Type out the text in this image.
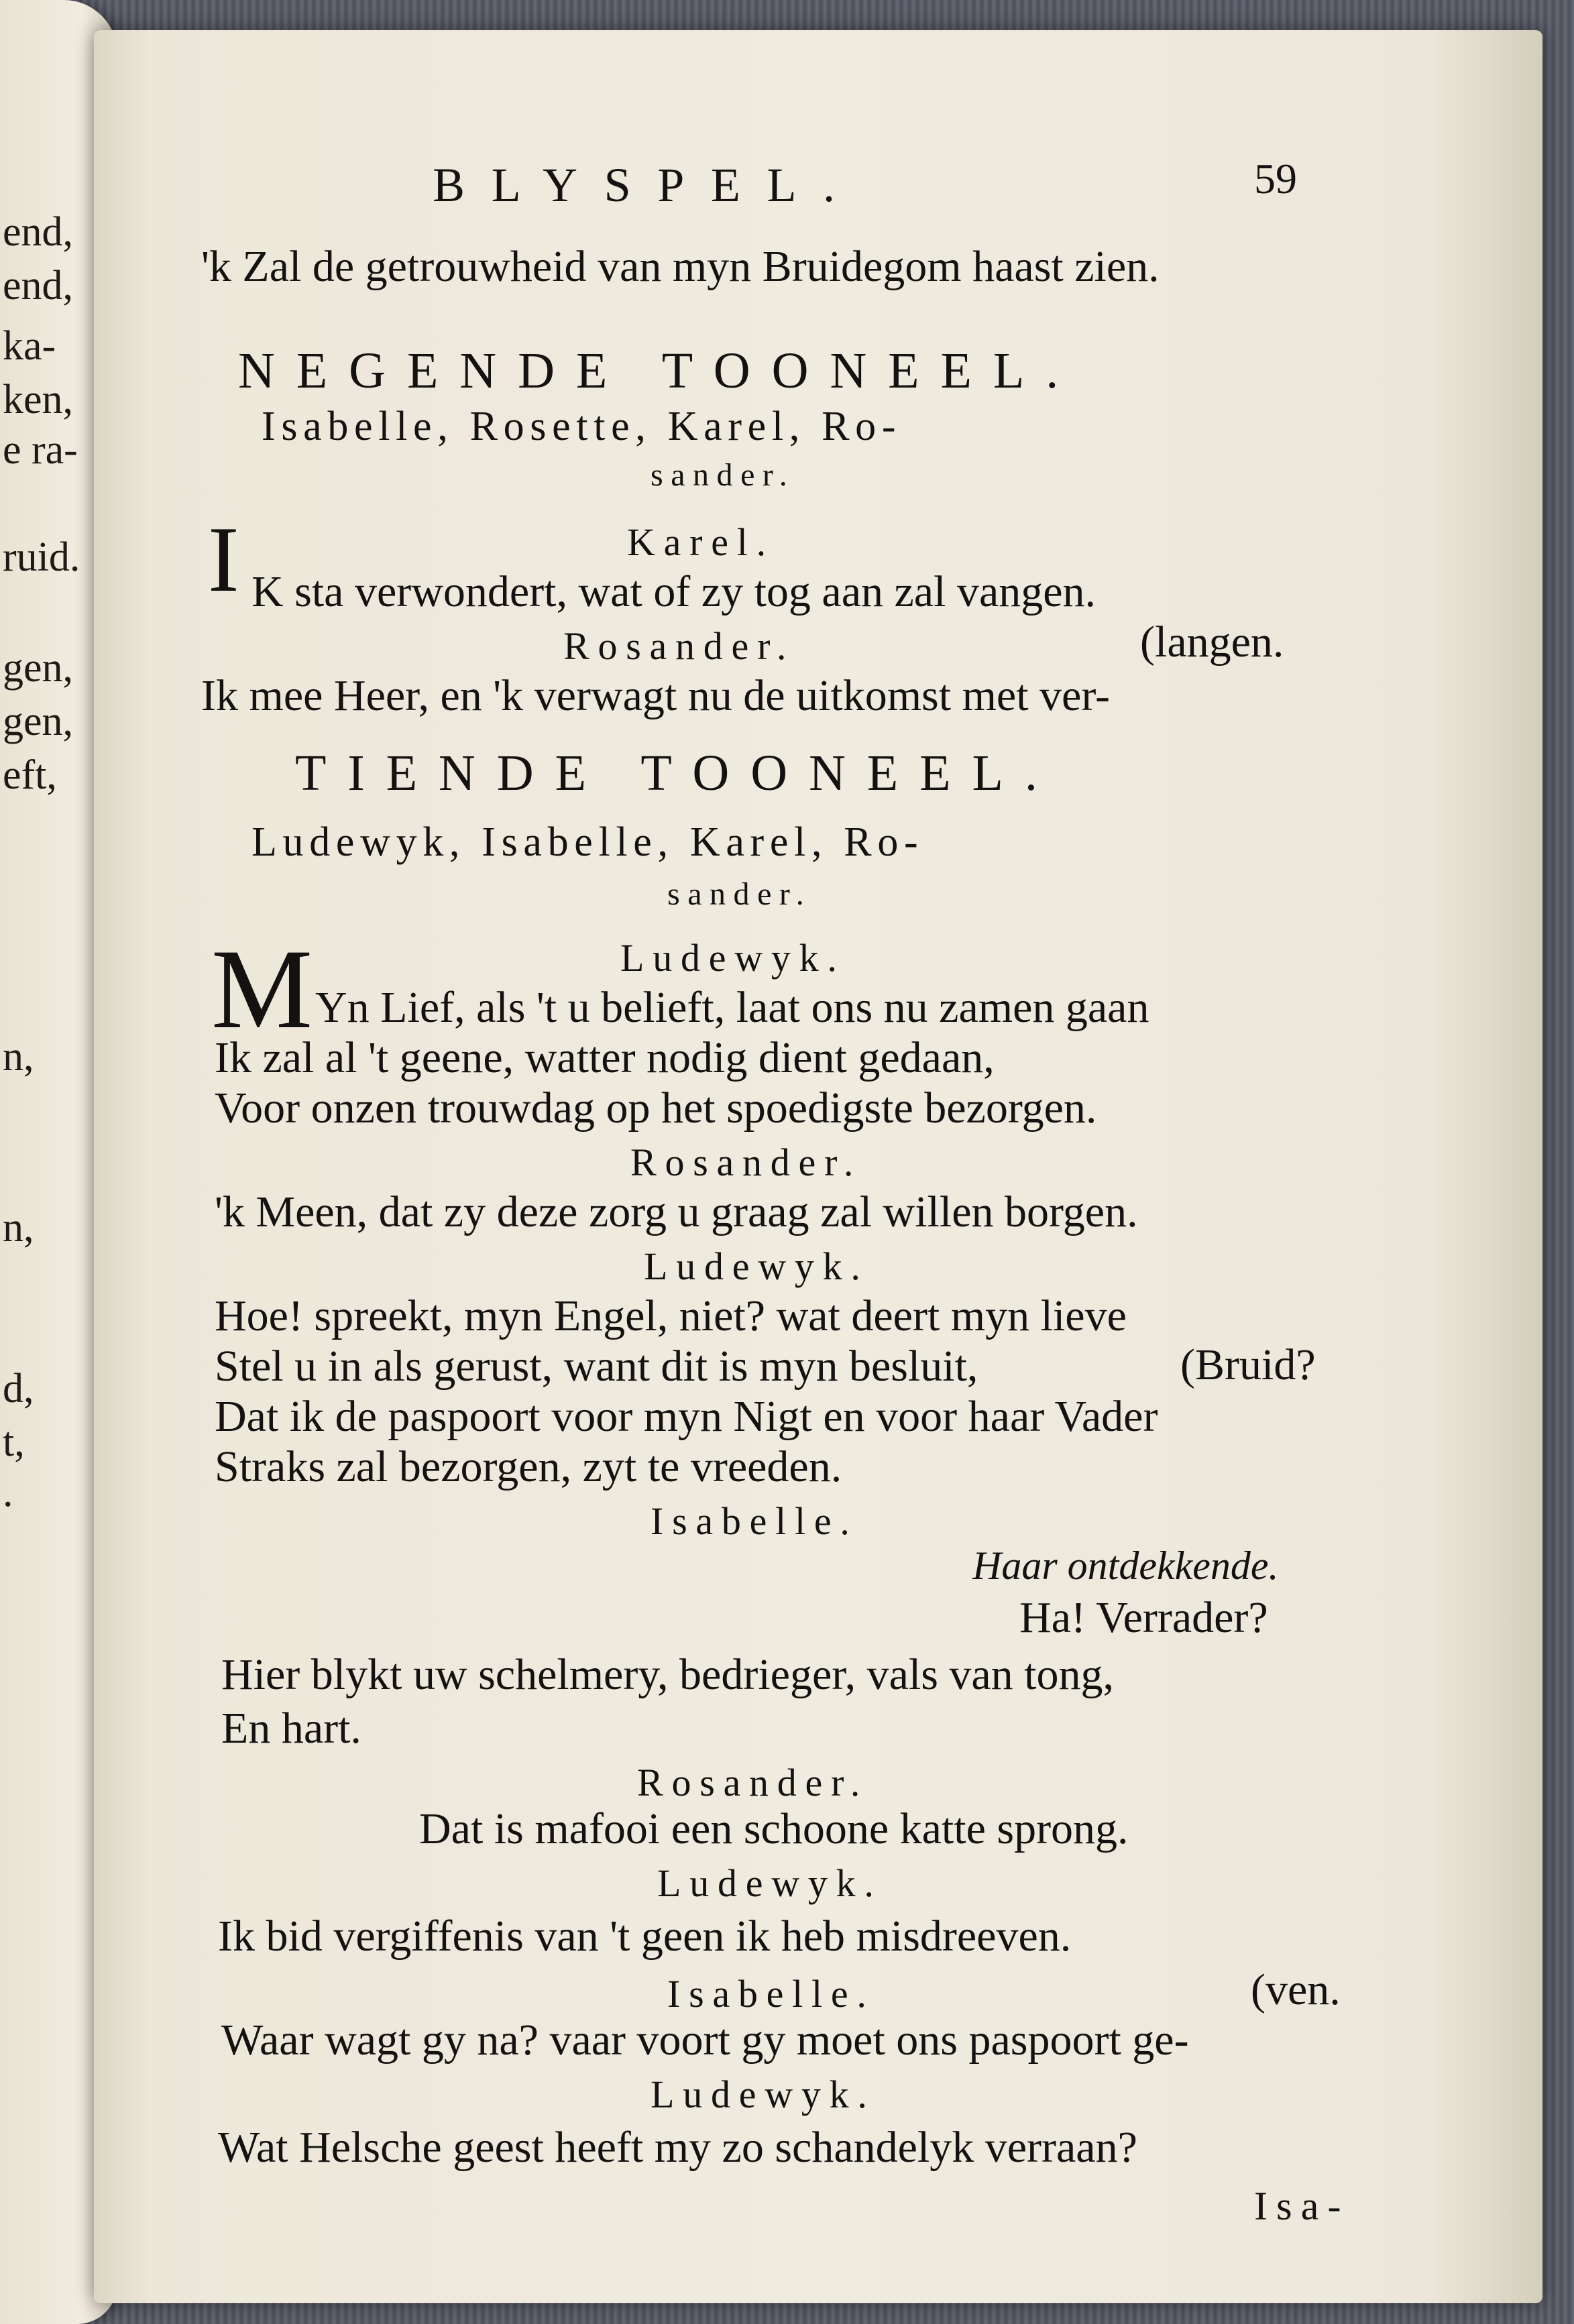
end,
end,
ka-
ken,
e ra-
ruid.
gen,
gen,
eft,
n,
n,
d,
t,
.
BLYSPEL.	59
'k Zal de getrouwheid van myn Bruidegom haast zien.
NEGENDE TOONEEL.
Isabelle, Rosette, Karel, Ro-
sander.
Karel.
I K sta verwondert, wat of zy tog aan zal vangen.
Rosander.	(langen.
Ik mee Heer, en 'k verwagt nu de uitkomst met ver-
TIENDE TOONEEL.
Ludewyk, Isabelle, Karel, Ro-
sander.
Ludewyk.
M Yn Lief, als 't u belieft, laat ons nu zamen gaan
Ik zal al 't geene, watter nodig dient gedaan,
Voor onzen trouwdag op het spoedigste bezorgen.
Rosander.
'k Meen, dat zy deze zorg u graag zal willen borgen.
Ludewyk.
Hoe! spreekt, myn Engel, niet? wat deert myn lieve
Stel u in als gerust, want dit is myn besluit,	(Bruid?
Dat ik de paspoort voor myn Nigt en voor haar Vader
Straks zal bezorgen, zyt te vreeden.
Isabelle.
Haar ontdekkende.
Ha! Verrader?
Hier blykt uw schelmery, bedrieger, vals van tong,
En hart.
Rosander.
Dat is mafooi een schoone katte sprong.
Ludewyk.
Ik bid vergiffenis van 't geen ik heb misdreeven.
Isabelle.	(ven.
Waar wagt gy na? vaar voort gy moet ons paspoort ge-
Ludewyk.
Wat Helsche geest heeft my zo schandelyk verraan?
Isa-
